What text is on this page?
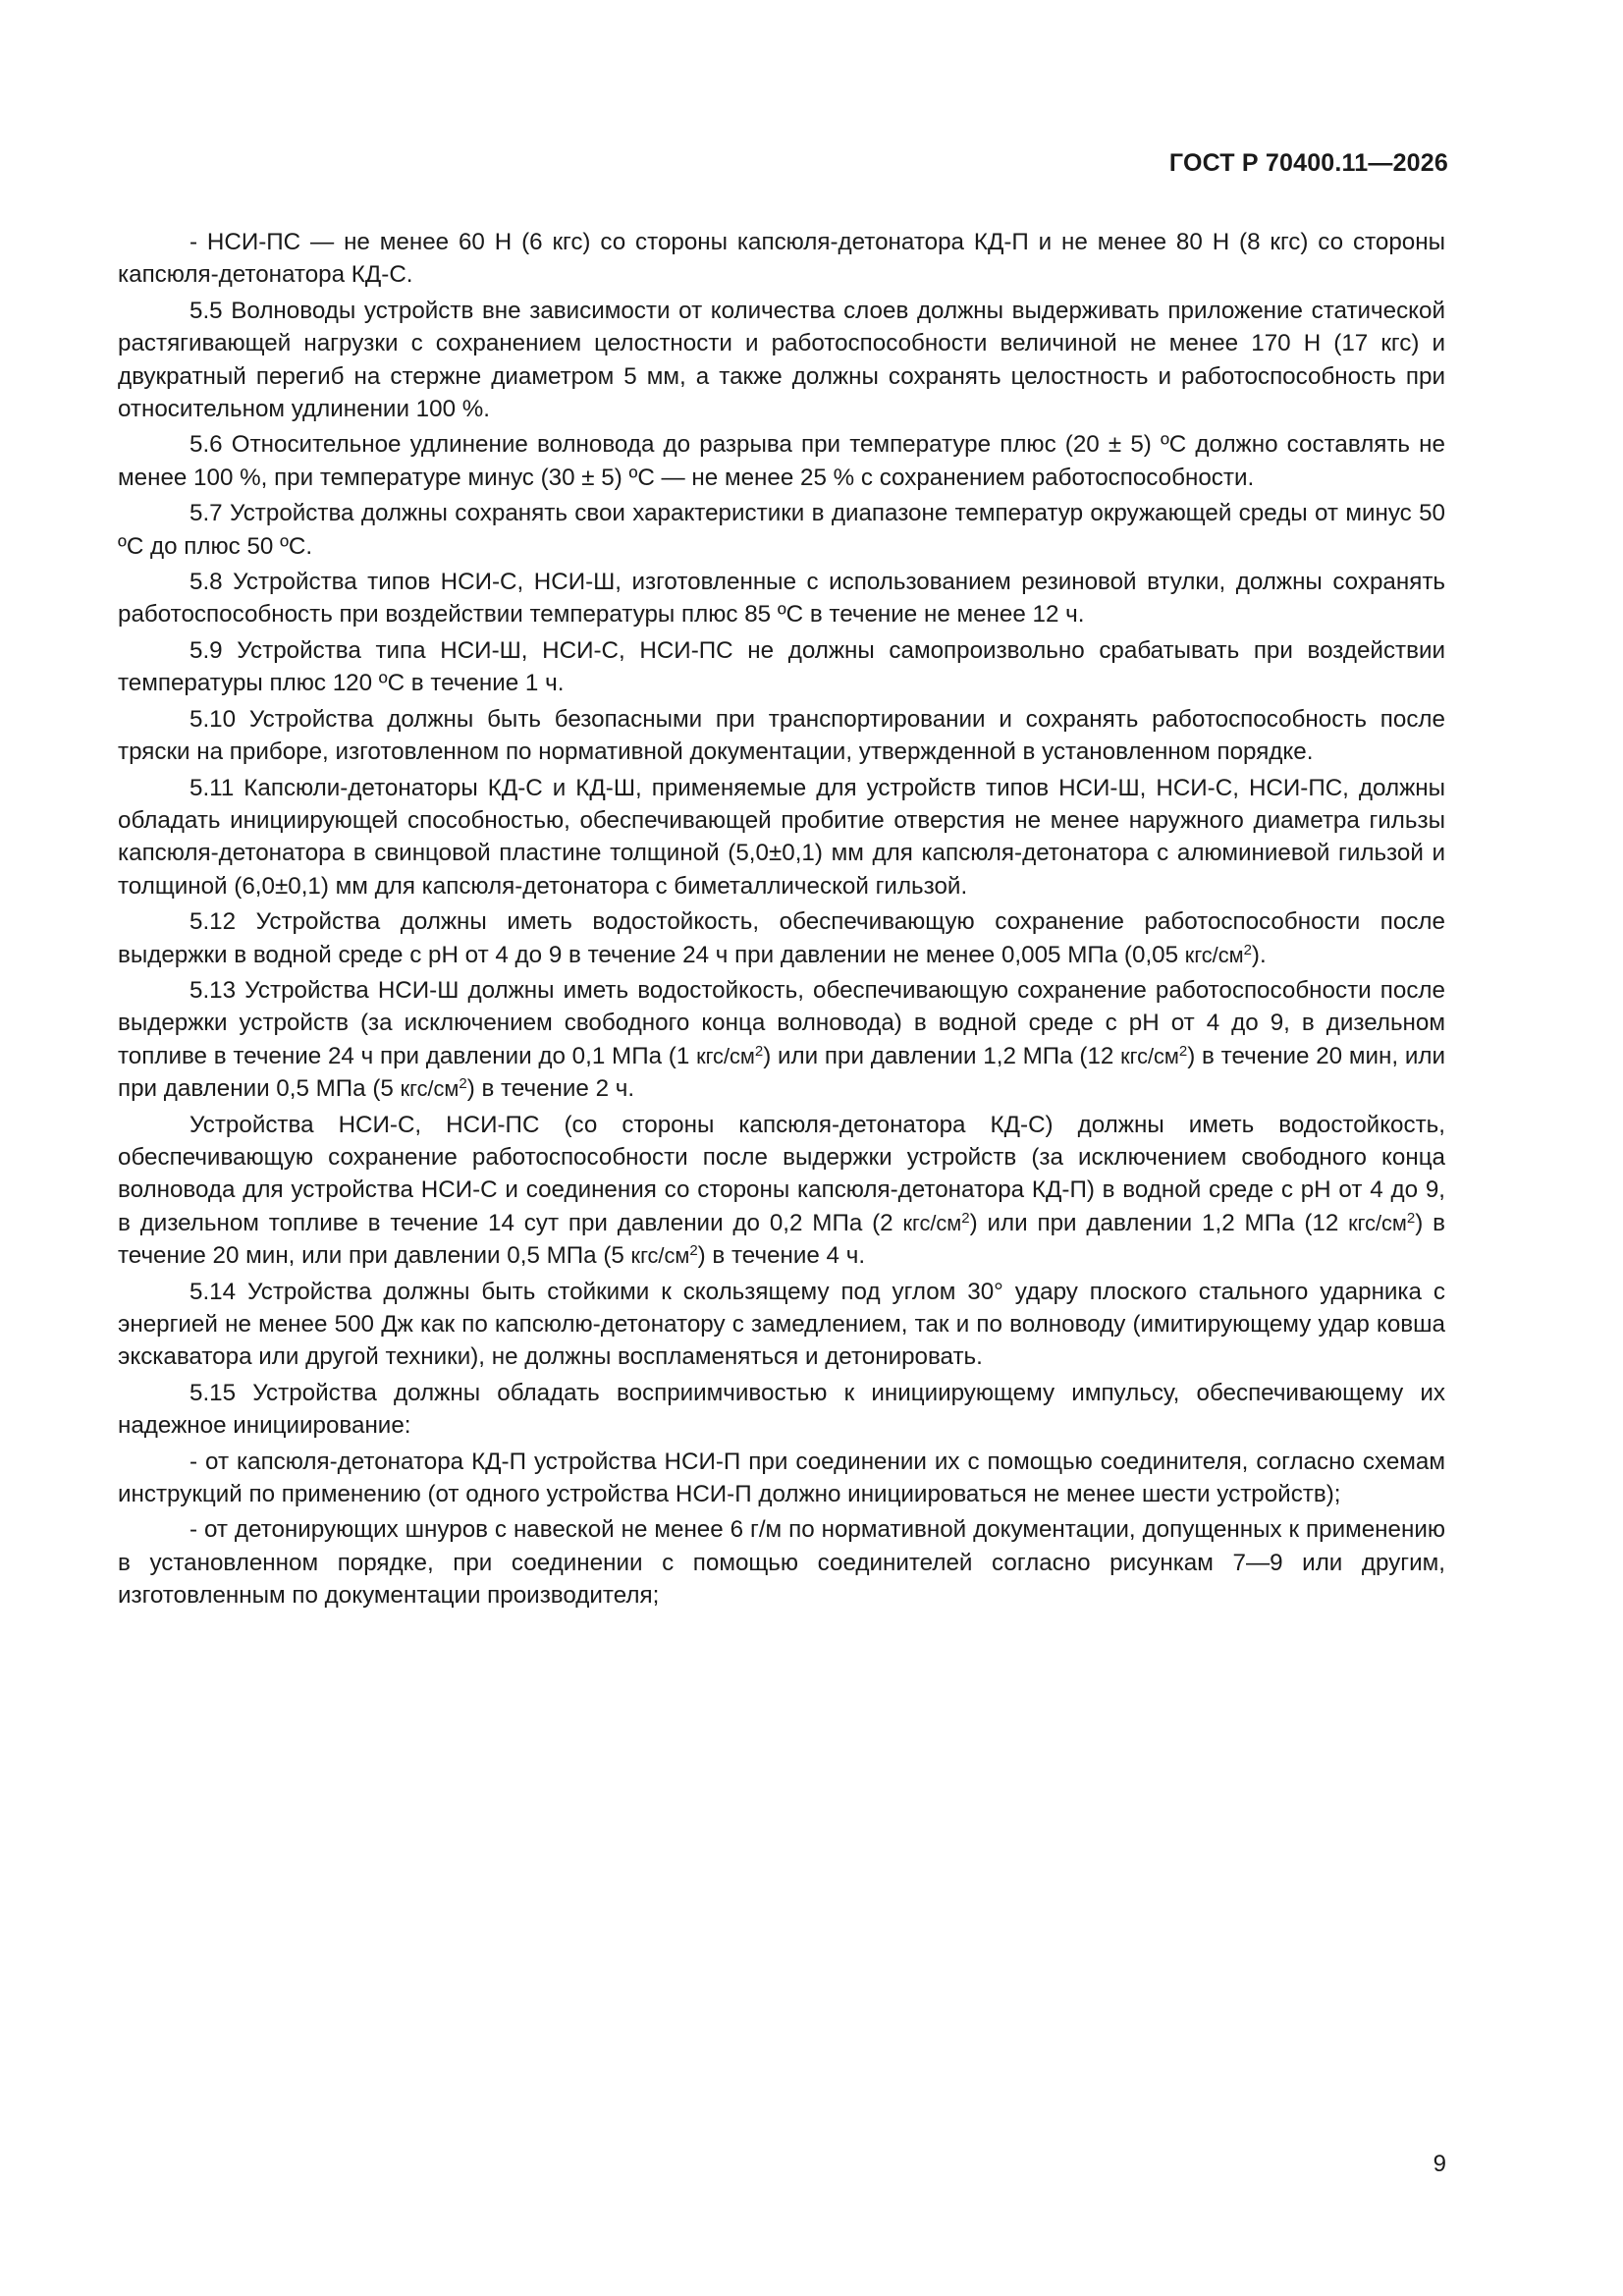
ГОСТ Р 70400.11—2026

- НСИ-ПС — не менее 60 Н (6 кгс) со стороны капсюля-детонатора КД-П и не менее 80 Н (8 кгс) со стороны капсюля-детонатора КД-С.

5.5 Волноводы устройств вне зависимости от количества слоев должны выдерживать приложение статической растягивающей нагрузки с сохранением целостности и работоспособности величиной не менее 170 Н (17 кгс) и двукратный перегиб на стержне диаметром 5 мм, а также должны сохранять целостность и работоспособность при относительном удлинении 100 %.

5.6 Относительное удлинение волновода до разрыва при температуре плюс (20 ± 5) ºС должно составлять не менее 100 %, при температуре минус (30 ± 5) ºС — не менее 25 % с сохранением работоспособности.

5.7 Устройства должны сохранять свои характеристики в диапазоне температур окружающей среды от минус 50 ºС до плюс 50 ºС.

5.8 Устройства типов НСИ-С, НСИ-Ш, изготовленные с использованием резиновой втулки, должны сохранять работоспособность при воздействии температуры плюс 85 ºС в течение не менее 12 ч.

5.9 Устройства типа НСИ-Ш, НСИ-С, НСИ-ПС не должны самопроизвольно срабатывать при воздействии температуры плюс 120 ºС в течение 1 ч.

5.10 Устройства должны быть безопасными при транспортировании и сохранять работоспособность после тряски на приборе, изготовленном по нормативной документации, утвержденной в установленном порядке.

5.11 Капсюли-детонаторы КД-С и КД-Ш, применяемые для устройств типов НСИ-Ш, НСИ-С, НСИ-ПС, должны обладать инициирующей способностью, обеспечивающей пробитие отверстия не менее наружного диаметра гильзы капсюля-детонатора в свинцовой пластине толщиной (5,0±0,1) мм для капсюля-детонатора с алюминиевой гильзой и толщиной (6,0±0,1) мм для капсюля-детонатора с биметаллической гильзой.

5.12 Устройства должны иметь водостойкость, обеспечивающую сохранение работоспособности после выдержки в водной среде с рН от 4 до 9 в течение 24 ч при давлении не менее 0,005 МПа (0,05 кгс/$см^2$).

5.13 Устройства НСИ-Ш должны иметь водостойкость, обеспечивающую сохранение работоспособности после выдержки устройств (за исключением свободного конца волновода) в водной среде с рН от 4 до 9, в дизельном топливе в течение 24 ч при давлении до 0,1 МПа (1 кгс/$см^2$) или при давлении 1,2 МПа (12 кгс/$см^2$) в течение 20 мин, или при давлении 0,5 МПа (5 кгс/$см^2$) в течение 2 ч.

Устройства НСИ-С, НСИ-ПС (со стороны капсюля-детонатора КД-С) должны иметь водостойкость, обеспечивающую сохранение работоспособности после выдержки устройств (за исключением свободного конца волновода для устройства НСИ-С и соединения со стороны капсюля-детонатора КД-П) в водной среде с рН от 4 до 9, в дизельном топливе в течение 14 сут при давлении до 0,2 МПа (2 кгс/$см^2$) или при давлении 1,2 МПа (12 кгс/$см^2$) в течение 20 мин, или при давлении 0,5 МПа (5 кгс/$см^2$) в течение 4 ч.

5.14 Устройства должны быть стойкими к скользящему под углом 30° удару плоского стального ударника с энергией не менее 500 Дж как по капсюлю-детонатору с замедлением, так и по волноводу (имитирующему удар ковша экскаватора или другой техники), не должны воспламеняться и детонировать.

5.15 Устройства должны обладать восприимчивостью к инициирующему импульсу, обеспечивающему их надежное инициирование:

- от капсюля-детонатора КД-П устройства НСИ-П при соединении их с помощью соединителя, согласно схемам инструкций по применению (от одного устройства НСИ-П должно инициироваться не менее шести устройств);

- от детонирующих шнуров с навеской не менее 6 г/м по нормативной документации, допущенных к применению в установленном порядке, при соединении с помощью соединителей согласно рисункам 7—9 или другим, изготовленным по документации производителя;

9
